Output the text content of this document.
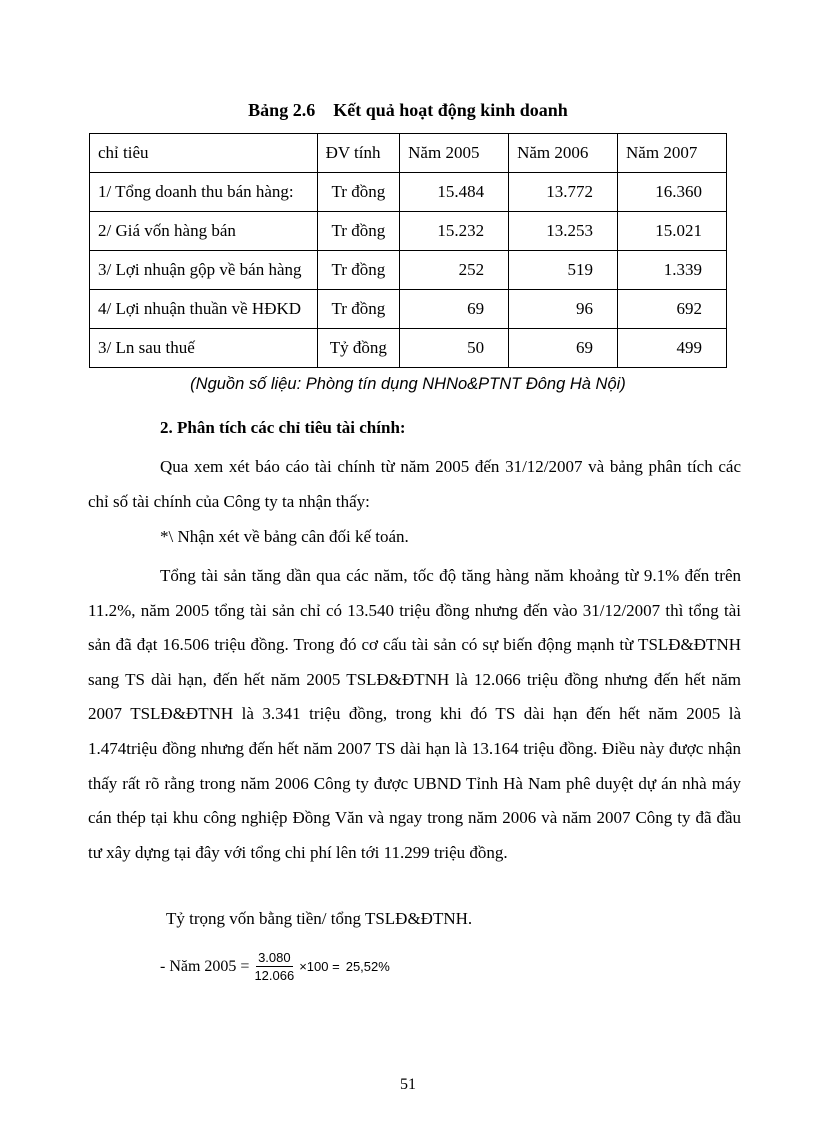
Bảng 2.6 Kết quả hoạt động kinh doanh
chỉ tiêu	ĐV tính	Năm 2005	Năm 2006	Năm 2007
1/ Tổng doanh thu bán hàng:	Tr đồng	15.484	13.772	16.360
2/ Giá vốn hàng bán	Tr đồng	15.232	13.253	15.021
3/ Lợi nhuận gộp về bán hàng	Tr đồng	252	519	1.339
4/ Lợi nhuận thuần về HĐKD	Tr đồng	69	96	692
3/ Ln sau thuế	Tỷ đồng	50	69	499
(Nguồn số liệu: Phòng tín dụng NHNo&PTNT Đông Hà Nội)
2. Phân tích các chỉ tiêu tài chính:

Qua xem xét báo cáo tài chính từ năm 2005 đến 31/12/2007 và bảng phân tích các chỉ số tài chính của Công ty ta nhận thấy:

*\ Nhận xét về bảng cân đối kế toán.

Tổng tài sản tăng dần qua các năm, tốc độ tăng hàng năm khoảng từ 9.1% đến trên 11.2%, năm 2005 tổng tài sản chỉ có 13.540 triệu đồng nhưng đến vào 31/12/2007 thì tổng tài sản đã đạt 16.506 triệu đồng. Trong đó cơ cấu tài sản có sự biến động mạnh từ TSLĐ&ĐTNH sang TS dài hạn, đến hết năm 2005 TSLĐ&ĐTNH là 12.066 triệu đồng nhưng đến hết năm 2007 TSLĐ&ĐTNH là 3.341 triệu đồng, trong khi đó TS dài hạn đến hết năm 2005 là 1.474triệu đồng nhưng đến hết năm 2007 TS dài hạn là 13.164 triệu đồng. Điều này được nhận thấy rất rõ rằng trong năm 2006 Công ty được UBND Tỉnh Hà Nam phê duyệt dự án nhà máy cán thép tại khu công nghiệp Đồng Văn và ngay trong năm 2006 và năm 2007 Công ty đã đầu tư xây dựng tại đây với tổng chi phí lên tới 11.299 triệu đồng.

Tỷ trọng vốn bằng tiền/ tổng TSLĐ&ĐTNH.
- Năm $2005 = \frac{3.080}{12.066} \times 100 = 25,52\%$
51
